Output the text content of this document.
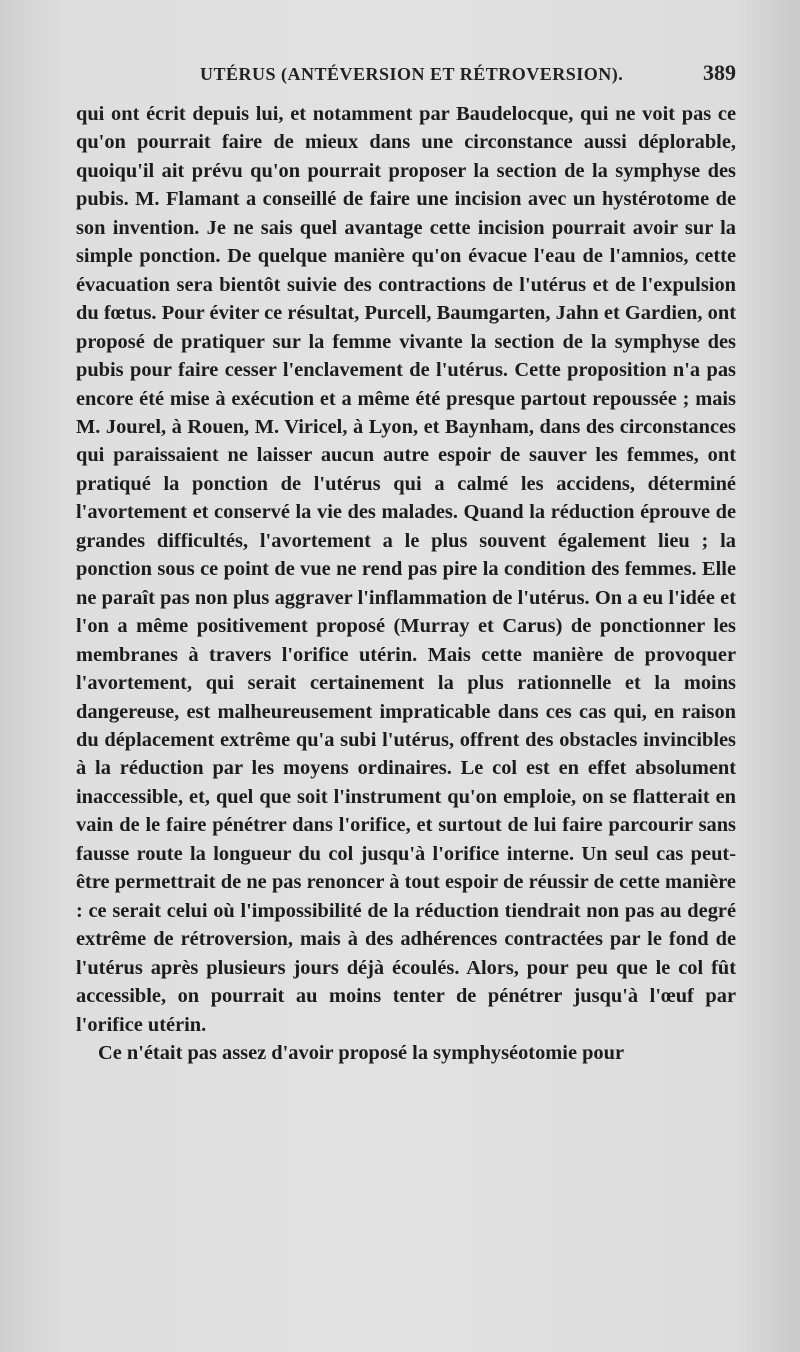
UTÉRUS (ANTÉVERSION ET RÉTROVERSION).	389

qui ont écrit depuis lui, et notamment par Baudelocque, qui ne voit pas ce qu'on pourrait faire de mieux dans une circonstance aussi déplorable, quoiqu'il ait prévu qu'on pourrait proposer la section de la symphyse des pubis. M. Flamant a conseillé de faire une incision avec un hystérotome de son invention. Je ne sais quel avantage cette incision pourrait avoir sur la simple ponction. De quelque manière qu'on évacue l'eau de l'amnios, cette évacuation sera bientôt suivie des contractions de l'utérus et de l'expulsion du fœtus. Pour éviter ce résultat, Purcell, Baumgarten, Jahn et Gardien, ont proposé de pratiquer sur la femme vivante la section de la symphyse des pubis pour faire cesser l'enclavement de l'utérus. Cette proposition n'a pas encore été mise à exécution et a même été presque partout repoussée ; mais M. Jourel, à Rouen, M. Viricel, à Lyon, et Baynham, dans des circonstances qui paraissaient ne laisser aucun autre espoir de sauver les femmes, ont pratiqué la ponction de l'utérus qui a calmé les accidens, déterminé l'avortement et conservé la vie des malades. Quand la réduction éprouve de grandes difficultés, l'avortement a le plus souvent également lieu ; la ponction sous ce point de vue ne rend pas pire la condition des femmes. Elle ne paraît pas non plus aggraver l'inflammation de l'utérus. On a eu l'idée et l'on a même positivement proposé (Murray et Carus) de ponctionner les membranes à travers l'orifice utérin. Mais cette manière de provoquer l'avortement, qui serait certainement la plus rationnelle et la moins dangereuse, est malheureusement impraticable dans ces cas qui, en raison du déplacement extrême qu'a subi l'utérus, offrent des obstacles invincibles à la réduction par les moyens ordinaires. Le col est en effet absolument inaccessible, et, quel que soit l'instrument qu'on emploie, on se flatterait en vain de le faire pénétrer dans l'orifice, et surtout de lui faire parcourir sans fausse route la longueur du col jusqu'à l'orifice interne. Un seul cas peut-être permettrait de ne pas renoncer à tout espoir de réussir de cette manière : ce serait celui où l'impossibilité de la réduction tiendrait non pas au degré extrême de rétroversion, mais à des adhérences contractées par le fond de l'utérus après plusieurs jours déjà écoulés. Alors, pour peu que le col fût accessible, on pourrait au moins tenter de pénétrer jusqu'à l'œuf par l'orifice utérin.

Ce n'était pas assez d'avoir proposé la symphyséotomie pour
